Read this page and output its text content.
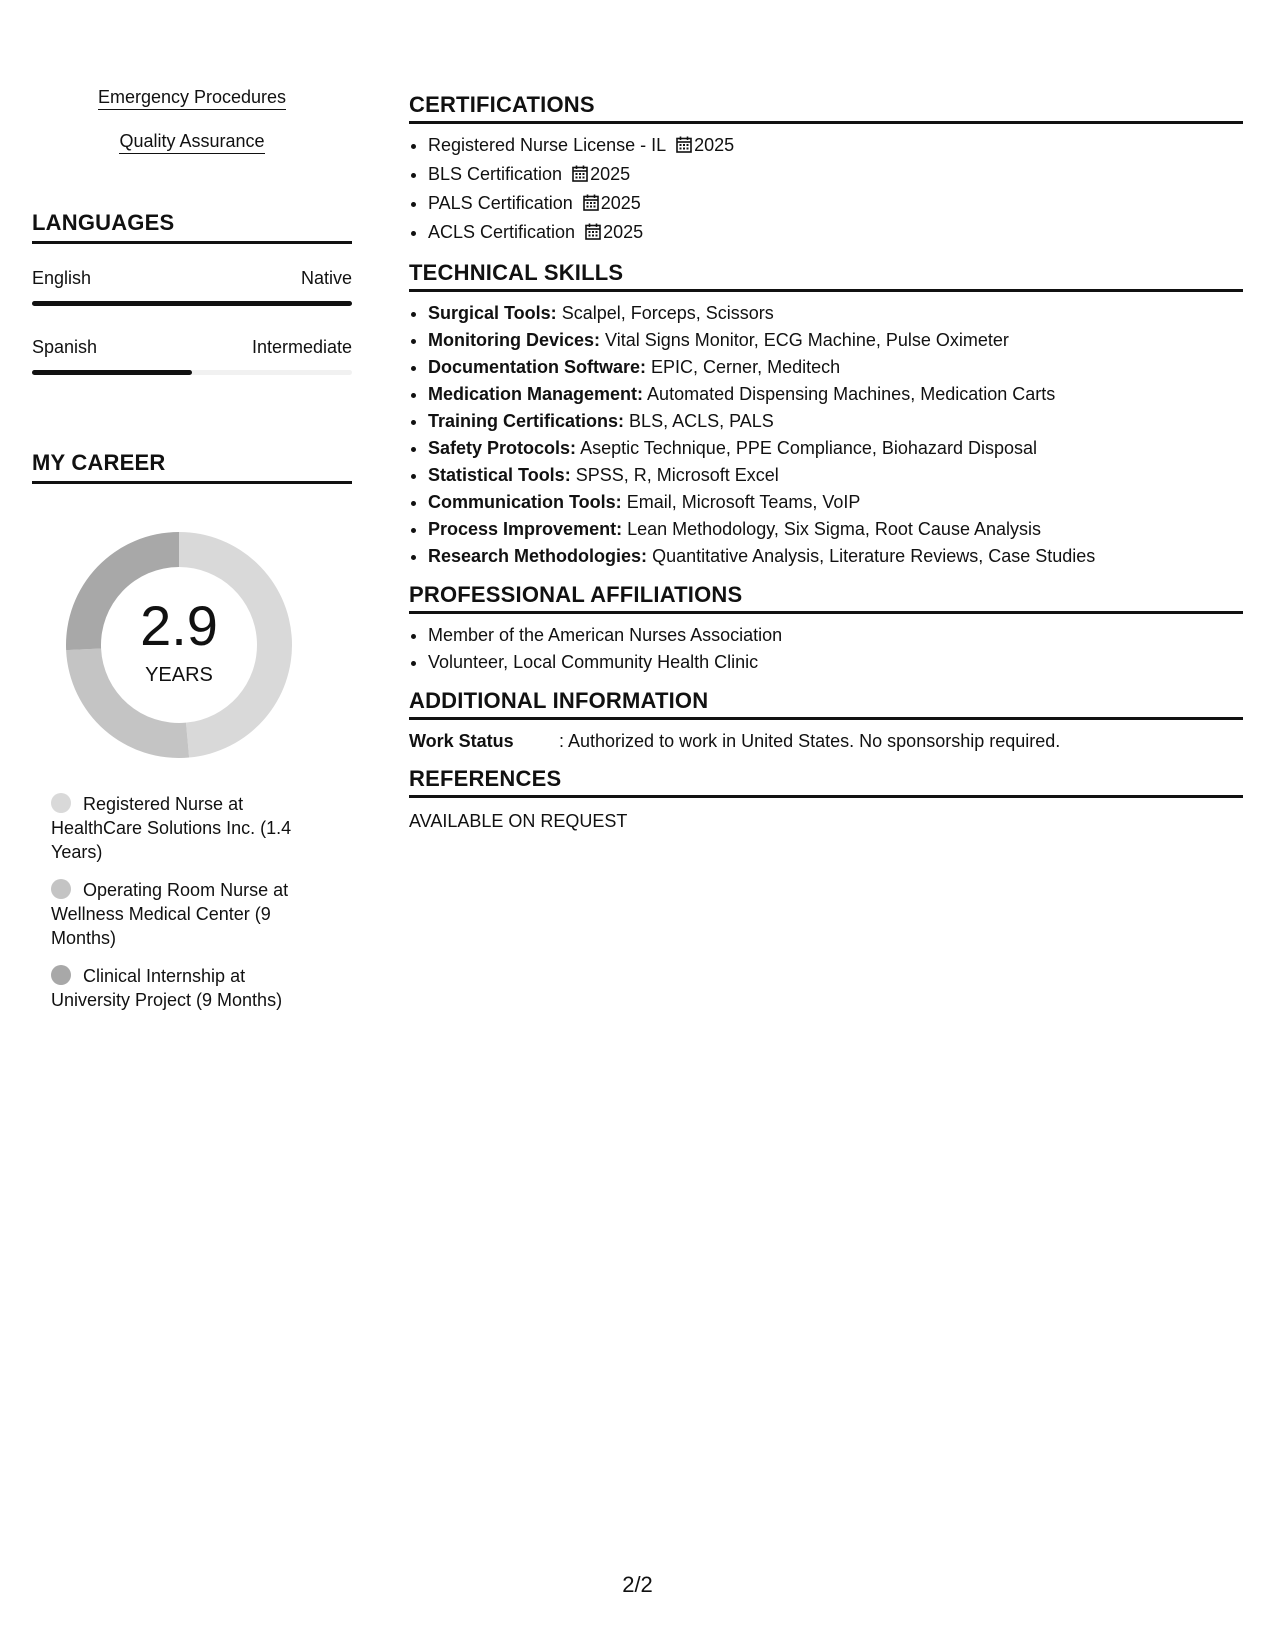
Emergency Procedures
Quality Assurance
LANGUAGES
English	Native
Spanish	Intermediate
MY CAREER
2.9
YEARS
Registered Nurse at HealthCare Solutions Inc. (1.4 Years)
Operating Room Nurse at Wellness Medical Center (9 Months)
Clinical Internship at University Project (9 Months)
CERTIFICATIONS
• Registered Nurse License - IL 2025
• BLS Certification 2025
• PALS Certification 2025
• ACLS Certification 2025
TECHNICAL SKILLS
• Surgical Tools: Scalpel, Forceps, Scissors
• Monitoring Devices: Vital Signs Monitor, ECG Machine, Pulse Oximeter
• Documentation Software: EPIC, Cerner, Meditech
• Medication Management: Automated Dispensing Machines, Medication Carts
• Training Certifications: BLS, ACLS, PALS
• Safety Protocols: Aseptic Technique, PPE Compliance, Biohazard Disposal
• Statistical Tools: SPSS, R, Microsoft Excel
• Communication Tools: Email, Microsoft Teams, VoIP
• Process Improvement: Lean Methodology, Six Sigma, Root Cause Analysis
• Research Methodologies: Quantitative Analysis, Literature Reviews, Case Studies
PROFESSIONAL AFFILIATIONS
• Member of the American Nurses Association
• Volunteer, Local Community Health Clinic
ADDITIONAL INFORMATION
Work Status	: Authorized to work in United States. No sponsorship required.
REFERENCES
AVAILABLE ON REQUEST
2/2
